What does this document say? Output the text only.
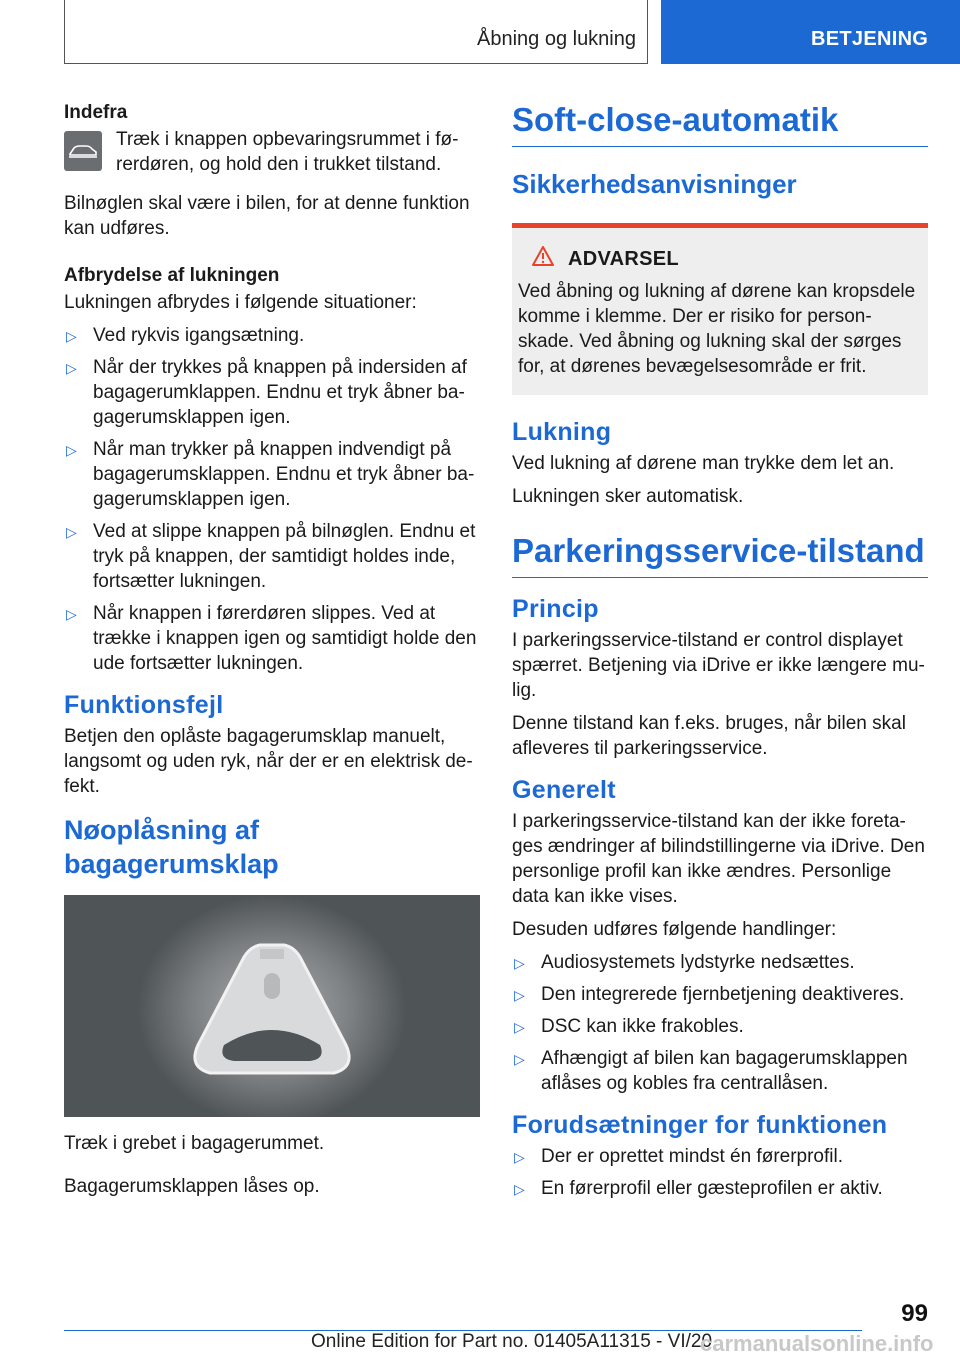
Åbning og lukning	BETJENING

Indefra

Træk i knappen opbevaringsrummet i fø-rerdøren, og hold den i trukket tilstand.

Bilnøglen skal være i bilen, for at denne funktion kan udføres.

Afbrydelse af lukningen

Lukningen afbrydes i følgende situationer:

▷ Ved rykvis igangsætning.
▷ Når der trykkes på knappen på indersiden af bagagerumklappen. Endnu et tryk åbner ba-gagerumsklappen igen.
▷ Når man trykker på knappen indvendigt på bagagerumsklappen. Endnu et tryk åbner ba-gagerumsklappen igen.
▷ Ved at slippe knappen på bilnøglen. Endnu et tryk på knappen, der samtidigt holdes inde, fortsætter lukningen.
▷ Når knappen i førerdøren slippes. Ved at trække i knappen igen og samtidigt holde den ude fortsætter lukningen.
Funktionsfejl

Betjen den oplåste bagagerumsklap manuelt, langsomt og uden ryk, når der er en elektrisk de-fekt.

Nøoplåsning af bagagerumsklap

Træk i grebet i bagagerummet.

Bagagerumsklappen låses op.

Soft-close-automatik
Sikkerhedsanvisninger
ADVARSEL
Ved åbning og lukning af dørene kan kropsdele komme i klemme. Der er risiko for person-skade. Ved åbning og lukning skal der sørges for, at dørenes bevægelsesområde er frit.
Lukning

Ved lukning af dørene man trykke dem let an.

Lukningen sker automatisk.

Parkeringsservice-tilstand
Princip

I parkeringsservice-tilstand er control displayet spærret. Betjening via iDrive er ikke længere mu-lig.

Denne tilstand kan f.eks. bruges, når bilen skal afleveres til parkeringsservice.

Generelt

I parkeringsservice-tilstand kan der ikke foreta-ges ændringer af bilindstillingerne via iDrive. Den personlige profil kan ikke ændres. Personlige data kan ikke vises.

Desuden udføres følgende handlinger:

▷ Audiosystemets lydstyrke nedsættes.
▷ Den integrerede fjernbetjening deaktiveres.
▷ DSC kan ikke frakobles.
▷ Afhængigt af bilen kan bagagerumsklappen aflåses og kobles fra centrallåsen.
Forudsætninger for funktionen
▷ Der er oprettet mindst én førerprofil.
▷ En førerprofil eller gæsteprofilen er aktiv.
99
Online Edition for Part no. 01405A11315 - VI/20
carmanualsonline.info
